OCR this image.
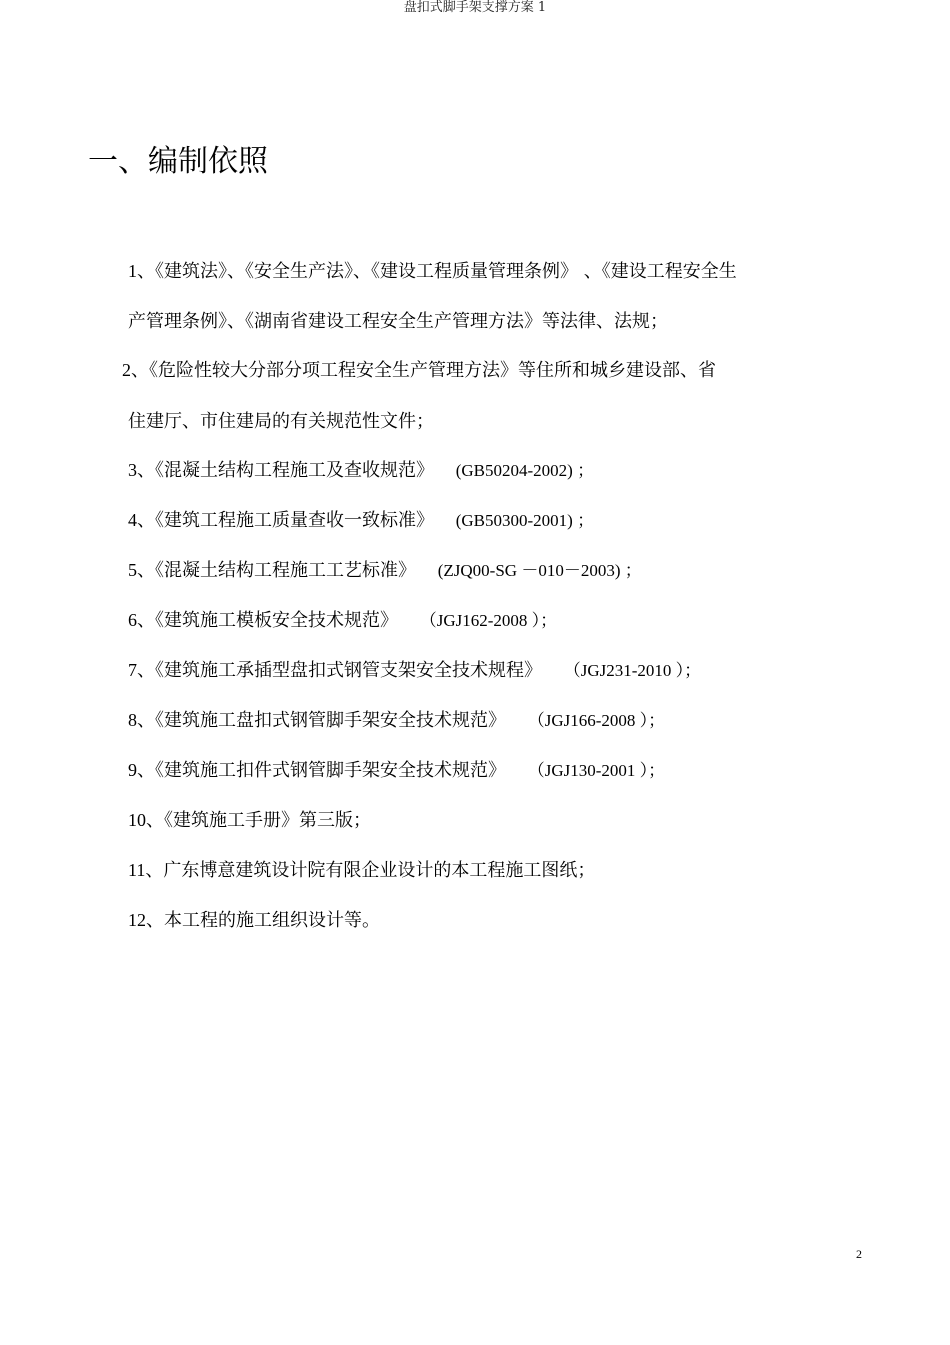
盘扣式脚手架支撑方案 1
一、编制依照
1、《建筑法》、《安全生产法》、《建设工程质量管理条例》 、《建设工程安全生
产管理条例》、《湖南省建设工程安全生产管理方法》等法律、法规；
2、《危险性较大分部分项工程安全生产管理方法》等住所和城乡建设部、省
住建厅、市住建局的有关规范性文件；
3、《混凝土结构工程施工及查收规范》 (GB50204-2002) ；
4、《建筑工程施工质量查收一致标准》 (GB50300-2001) ；
5、《混凝土结构工程施工工艺标准》 (ZJQ00-SG －010－2003) ；
6、《建筑施工模板安全技术规范》 （JGJ162-2008 ）；
7、《建筑施工承插型盘扣式钢管支架安全技术规程》 （JGJ231-2010 ）；
8、《建筑施工盘扣式钢管脚手架安全技术规范》 （JGJ166-2008 ）；
9、《建筑施工扣件式钢管脚手架安全技术规范》 （JGJ130-2001 ）；
10、《建筑施工手册》第三版；
11、广东博意建筑设计院有限企业设计的本工程施工图纸；
12、本工程的施工组织设计等。
2
